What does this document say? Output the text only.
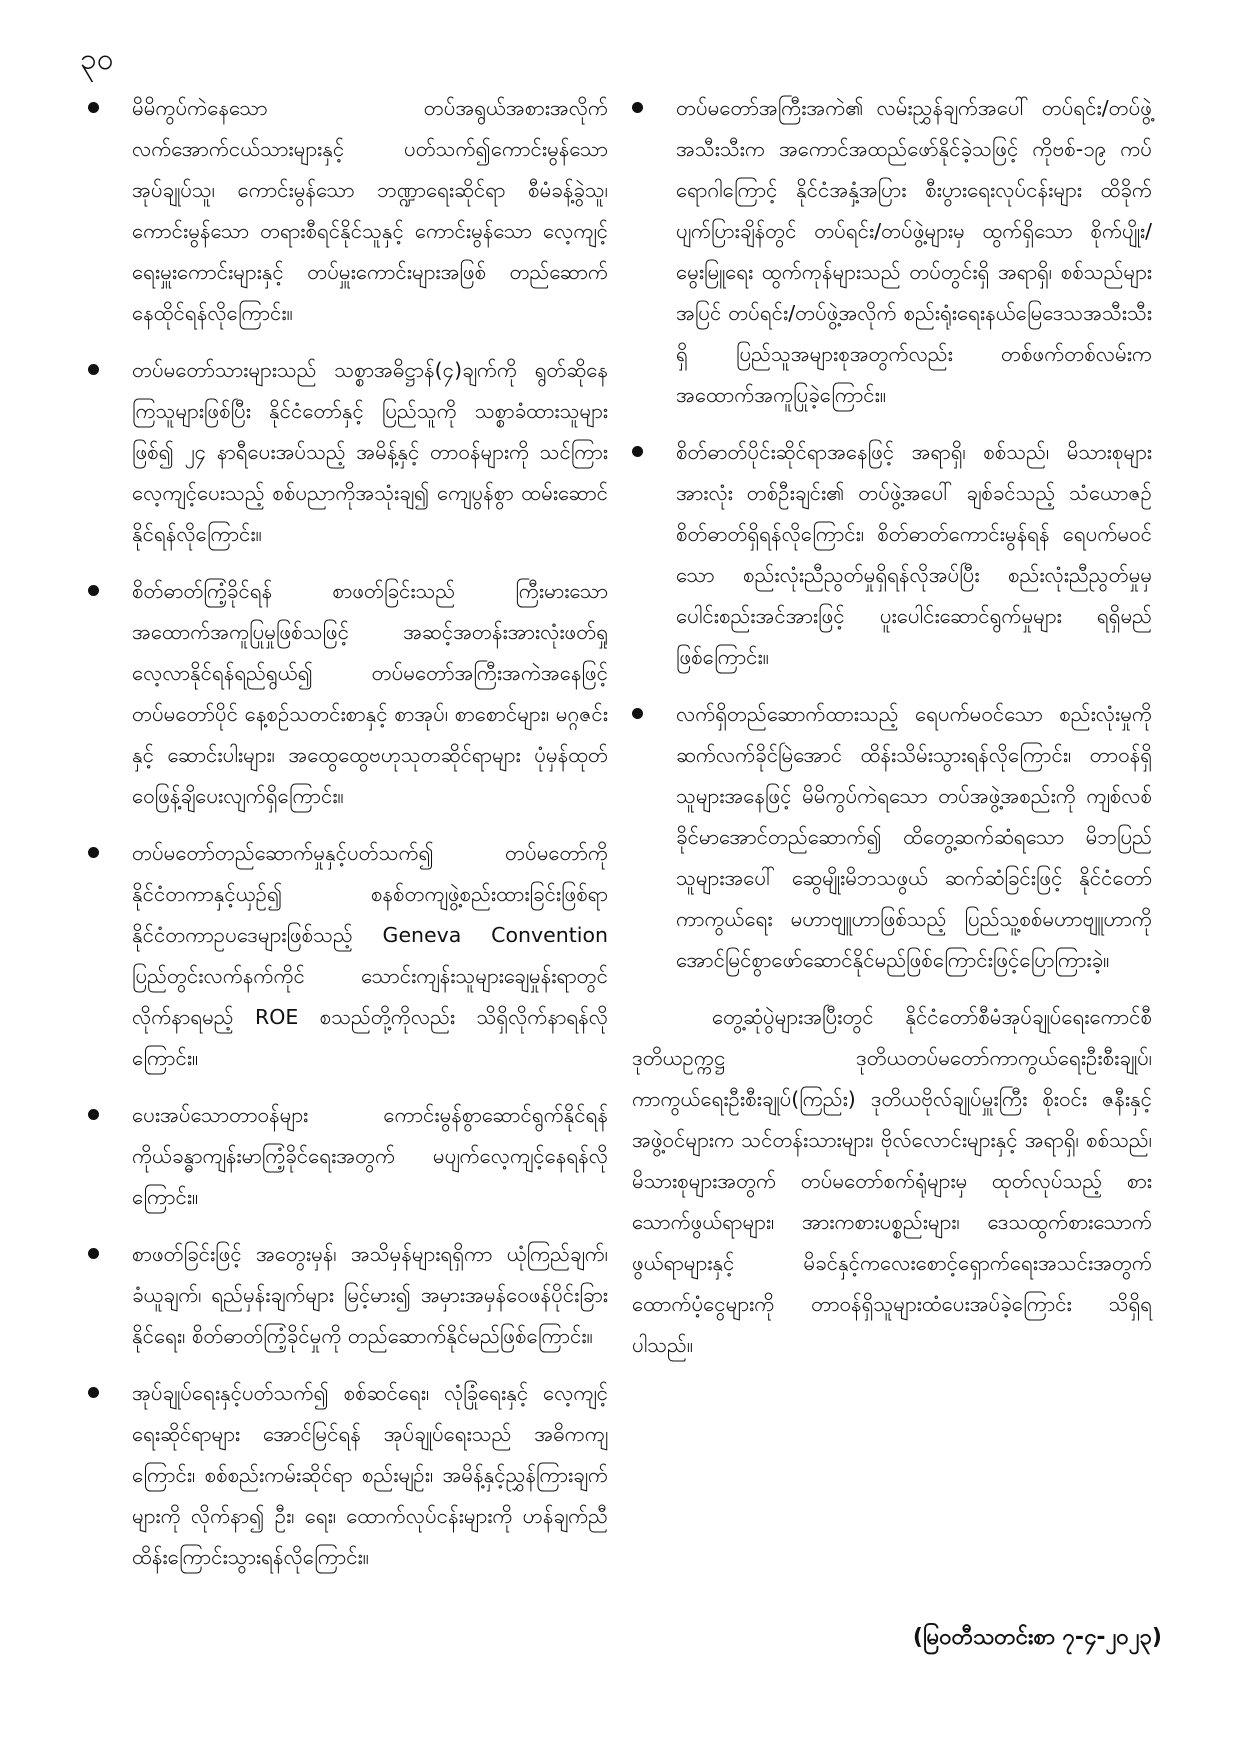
၃၀
မိမိကွပ်ကဲနေသော တပ်အရွယ်အစားအလိုက် လက်အောက်ငယ်သားများနှင့် ပတ်သက်၍ကောင်းမွန်သော အုပ်ချုပ်သူ၊ ကောင်းမွန်သော ဘဏ္ဍာရေးဆိုင်ရာ စီမံခန့်ခွဲသူ၊ ကောင်းမွန်သော တရားစီရင်နိုင်သူနှင့် ကောင်းမွန်သော လေ့ကျင့်ရေးမှူးကောင်းများနှင့် တပ်မှူးကောင်းများအဖြစ် တည်ဆောက်နေထိုင်ရန်လိုကြောင်း။
တပ်မတော်သားများသည် သစ္စာအဓိဋ္ဌာန်(၄)ချက်ကို ရွတ်ဆိုနေကြသူများဖြစ်ပြီး နိုင်ငံတော်နှင့် ပြည်သူကို သစ္စာခံထားသူများဖြစ်၍ ၂၄ နာရီပေးအပ်သည့် အမိန့်နှင့် တာဝန်များကို သင်ကြားလေ့ကျင့်ပေးသည့် စစ်ပညာကိုအသုံးချ၍ ကျေပွန်စွာ ထမ်းဆောင်နိုင်ရန်လိုကြောင်း။
စိတ်ဓာတ်ကြံ့ခိုင်ရန် စာဖတ်ခြင်းသည် ကြီးမားသော အထောက်အကူပြုမှုဖြစ်သဖြင့် အဆင့်အတန်းအားလုံးဖတ်ရှုလေ့လာနိုင်ရန်ရည်ရွယ်၍ တပ်မတော်အကြီးအကဲအနေဖြင့် တပ်မတော်ပိုင် နေ့စဉ်သတင်းစာနှင့် စာအုပ်၊ စာစောင်များ၊ မဂ္ဂဇင်းနှင့် ဆောင်းပါးများ၊ အထွေထွေဗဟုသုတဆိုင်ရာများ ပုံမှန်ထုတ်ဝေဖြန့်ချိပေးလျက်ရှိကြောင်း။
တပ်မတော်တည်ဆောက်မှုနှင့်ပတ်သက်၍ တပ်မတော်ကို နိုင်ငံတကာနှင့်ယှဉ်၍ စနစ်တကျဖွဲ့စည်းထားခြင်းဖြစ်ရာ နိုင်ငံတကာဥပဒေများဖြစ်သည့် Geneva Convention ပြည်တွင်းလက်နက်ကိုင် သောင်းကျန်းသူများချေမှုန်းရာတွင် လိုက်နာရမည့် ROE စသည်တို့ကိုလည်း သိရှိလိုက်နာရန်လိုကြောင်း။
ပေးအပ်သောတာဝန်များ ကောင်းမွန်စွာဆောင်ရွက်နိုင်ရန် ကိုယ်ခန္ဓာကျန်းမာကြံ့ခိုင်ရေးအတွက် မပျက်လေ့ကျင့်နေရန်လိုကြောင်း။
စာဖတ်ခြင်းဖြင့် အတွေးမှန်၊ အသိမှန်များရရှိကာ ယုံကြည်ချက်၊ ခံယူချက်၊ ရည်မှန်းချက်များ မြင့်မား၍ အမှားအမှန်ဝေဖန်ပိုင်းခြားနိုင်ရေး၊ စိတ်ဓာတ်ကြံ့ခိုင်မှုကို တည်ဆောက်နိုင်မည်ဖြစ်ကြောင်း။
အုပ်ချုပ်ရေးနှင့်ပတ်သက်၍ စစ်ဆင်ရေး၊ လုံခြုံရေးနှင့် လေ့ကျင့်ရေးဆိုင်ရာများ အောင်မြင်ရန် အုပ်ချုပ်ရေးသည် အဓိကကျကြောင်း၊ စစ်စည်းကမ်းဆိုင်ရာ စည်းမျဉ်း၊ အမိန့်နှင့်ညွှန်ကြားချက်များကို လိုက်နာ၍ ဦး၊ ရေး၊ ထောက်လုပ်ငန်းများကို ဟန်ချက်ညီ ထိန်းကြောင်းသွားရန်လိုကြောင်း။
တပ်မတော်အကြီးအကဲ၏ လမ်းညွှန်ချက်အပေါ် တပ်ရင်း/တပ်ဖွဲ့အသီးသီးက အကောင်အထည်ဖော်နိုင်ခဲ့သဖြင့် ကိုဗစ်-၁၉ ကပ်ရောဂါကြောင့် နိုင်ငံအနှံ့အပြား စီးပွားရေးလုပ်ငန်းများ ထိခိုက်ပျက်ပြားချိန်တွင် တပ်ရင်း/တပ်ဖွဲ့များမှ ထွက်ရှိသော စိုက်ပျိုး/မွေးမြူရေး ထွက်ကုန်များသည် တပ်တွင်းရှိ အရာရှိ၊ စစ်သည်များအပြင် တပ်ရင်း/တပ်ဖွဲ့အလိုက် စည်းရုံးရေးနယ်မြေဒေသအသီးသီးရှိ ပြည်သူအများစုအတွက်လည်း တစ်ဖက်တစ်လမ်းက အထောက်အကူပြုခဲ့ကြောင်း။
စိတ်ဓာတ်ပိုင်းဆိုင်ရာအနေဖြင့် အရာရှိ၊ စစ်သည်၊ မိသားစုများအားလုံး တစ်ဦးချင်း၏ တပ်ဖွဲ့အပေါ် ချစ်ခင်သည့် သံယောဇဉ်စိတ်ဓာတ်ရှိရန်လိုကြောင်း၊ စိတ်ဓာတ်ကောင်းမွန်ရန် ရေပက်မဝင်သော စည်းလုံးညီညွတ်မှုရှိရန်လိုအပ်ပြီး စည်းလုံးညီညွတ်မှုမှ ပေါင်းစည်းအင်အားဖြင့် ပူးပေါင်းဆောင်ရွက်မှုများ ရရှိမည်ဖြစ်ကြောင်း။
လက်ရှိတည်ဆောက်ထားသည့် ရေပက်မဝင်သော စည်းလုံးမှုကို ဆက်လက်ခိုင်မြဲအောင် ထိန်းသိမ်းသွားရန်လိုကြောင်း၊ တာဝန်ရှိသူများအနေဖြင့် မိမိကွပ်ကဲရသော တပ်အဖွဲ့အစည်းကို ကျစ်လစ်ခိုင်မာအောင်တည်ဆောက်၍ ထိတွေ့ဆက်ဆံရသော မိဘပြည်သူများအပေါ် ဆွေမျိုးမိဘသဖွယ် ဆက်ဆံခြင်းဖြင့် နိုင်ငံတော်ကာကွယ်ရေး မဟာဗျူဟာဖြစ်သည့် ပြည်သူ့စစ်မဟာဗျူဟာကို အောင်မြင်စွာဖော်ဆောင်နိုင်မည်ဖြစ်ကြောင်းဖြင့်ပြောကြားခဲ့။

တွေ့ဆုံပွဲများအပြီးတွင် နိုင်ငံတော်စီမံအုပ်ချုပ်ရေးကောင်စီဒုတိယဥက္ကဋ္ဌ ဒုတိယတပ်မတော်ကာကွယ်ရေးဦးစီးချုပ်၊ ကာကွယ်ရေးဦးစီးချုပ်(ကြည်း) ဒုတိယဗိုလ်ချုပ်မှူးကြီး စိုးဝင်း ဇနီးနှင့်အဖွဲ့ဝင်များက သင်တန်းသားများ၊ ဗိုလ်လောင်းများနှင့် အရာရှိ၊ စစ်သည်၊ မိသားစုများအတွက် တပ်မတော်စက်ရုံများမှ ထုတ်လုပ်သည့် စားသောက်ဖွယ်ရာများ၊ အားကစားပစ္စည်းများ၊ ဒေသထွက်စားသောက်ဖွယ်ရာများနှင့် မိခင်နှင့်ကလေးစောင့်ရှောက်ရေးအသင်းအတွက် ထောက်ပံ့ငွေများကို တာဝန်ရှိသူများထံပေးအပ်ခဲ့ကြောင်း သိရှိရပါသည်။

(မြဝတီသတင်းစာ ၇-၄-၂၀၂၃)
